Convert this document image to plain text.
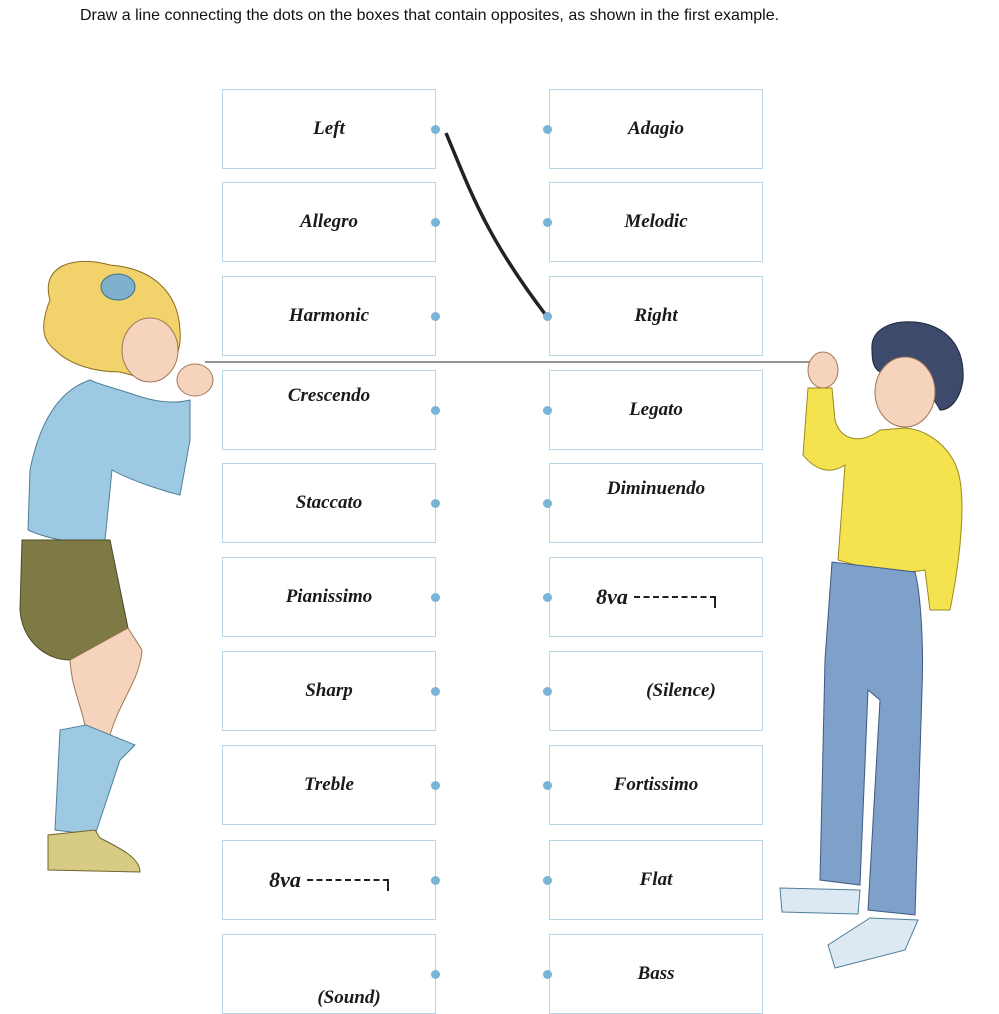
Draw a line connecting the dots on the boxes that contain opposites, as shown in the first example.
Left
Allegro
Harmonic
Crescendo
Staccato
Pianissimo
Sharp
Treble
8va
(Sound)
Adagio
Melodic
Right
Legato
Diminuendo
8va
(Silence)
Fortissimo
Flat
Bass
